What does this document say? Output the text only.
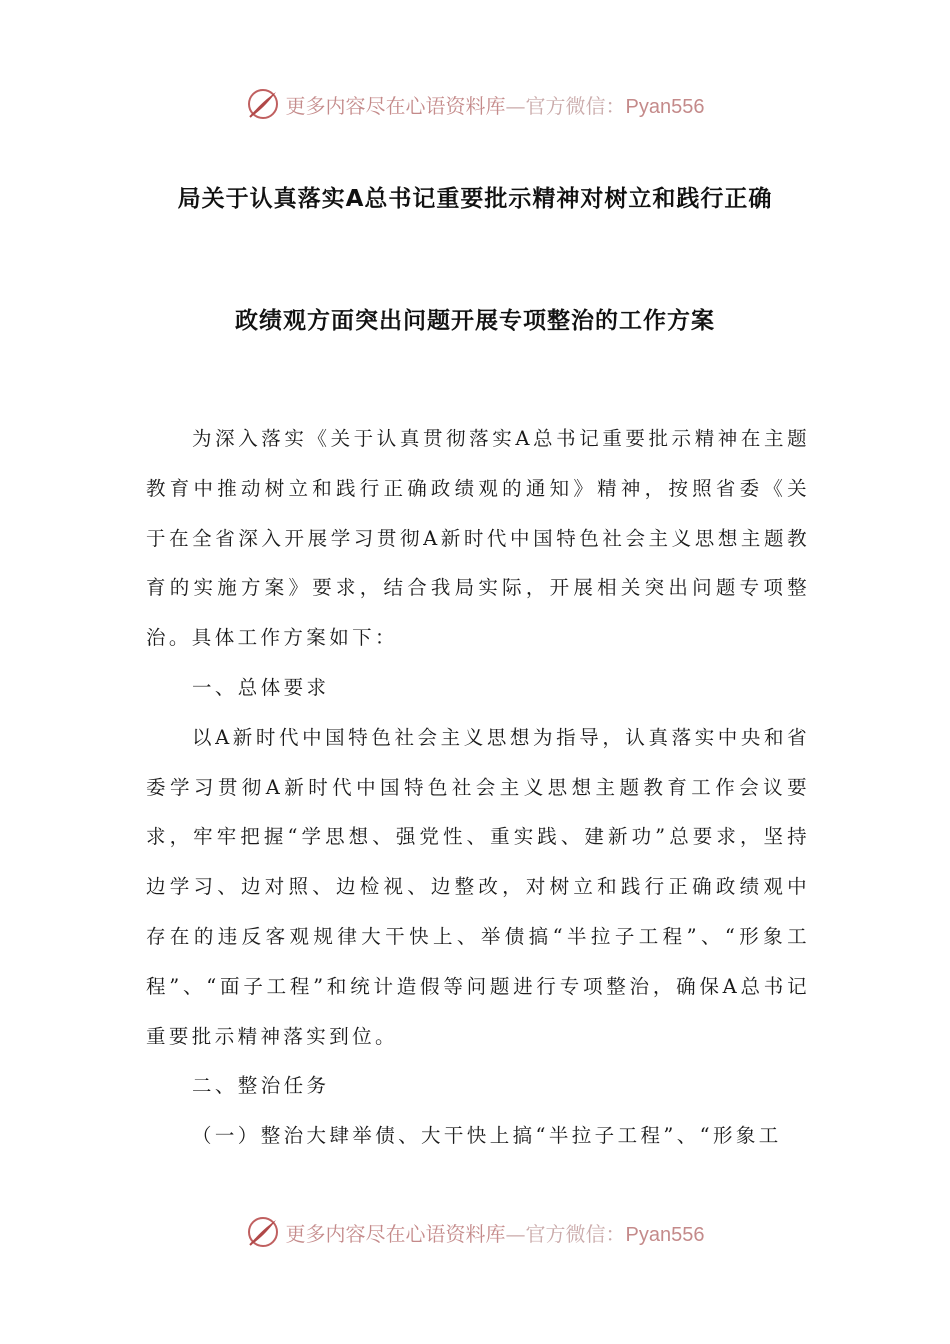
更多内容尽在心语资料库—官方微信：Pyan556
局关于认真落实A总书记重要批示精神对树立和践行正确
政绩观方面突出问题开展专项整治的工作方案

为深入落实《关于认真贯彻落实A总书记重要批示精神在主题教育中推动树立和践行正确政绩观的通知》精神，按照省委《关于在全省深入开展学习贯彻A新时代中国特色社会主义思想主题教育的实施方案》要求，结合我局实际，开展相关突出问题专项整治。具体工作方案如下：

一、总体要求

以A新时代中国特色社会主义思想为指导，认真落实中央和省委学习贯彻A新时代中国特色社会主义思想主题教育工作会议要求，牢牢把握“学思想、强党性、重实践、建新功”总要求，坚持边学习、边对照、边检视、边整改，对树立和践行正确政绩观中存在的违反客观规律大干快上、举债搞“半拉子工程”、“形象工程”、“面子工程”和统计造假等问题进行专项整治，确保A总书记重要批示精神落实到位。

二、整治任务

（一）整治大肆举债、大干快上搞“半拉子工程”、“形象工

更多内容尽在心语资料库—官方微信：Pyan556
